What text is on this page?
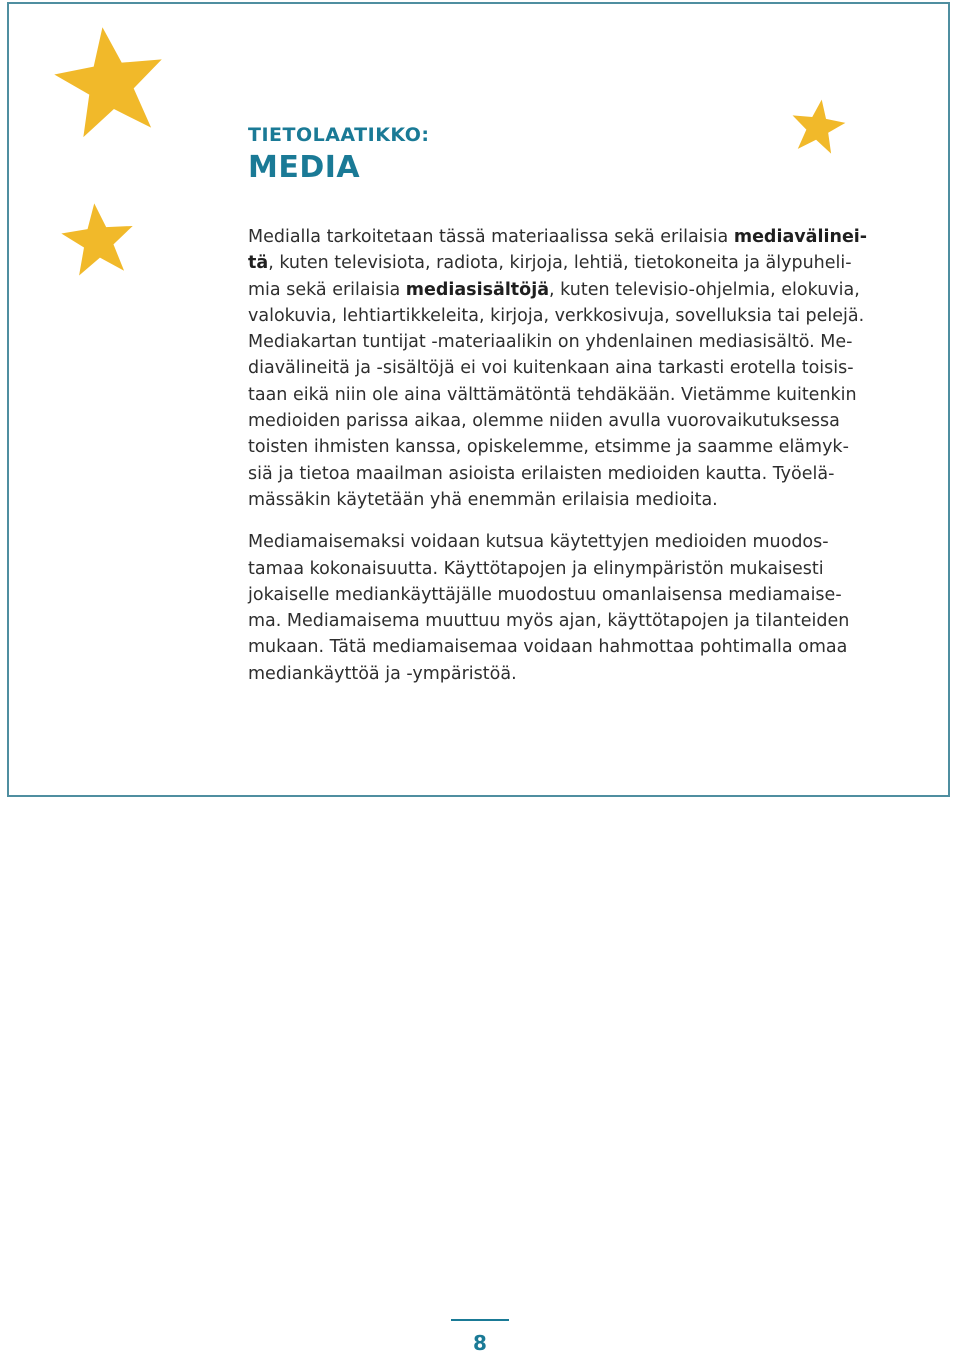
TIETOLAATIKKO:
MEDIA
Medialla tarkoitetaan tässä materiaalissa sekä erilaisia mediavälinei-
tä, kuten televisiota, radiota, kirjoja, lehtiä, tietokoneita ja älypuheli-
mia sekä erilaisia mediasisältöjä, kuten televisio-ohjelmia, elokuvia,
valokuvia, lehtiartikkeleita, kirjoja, verkkosivuja, sovelluksia tai pelejä.
Mediakartan tuntijat -materiaalikin on yhdenlainen mediasisältö. Me-
diavälineitä ja -sisältöjä ei voi kuitenkaan aina tarkasti erotella toisis-
taan eikä niin ole aina välttämätöntä tehdäkään. Vietämme kuitenkin
medioiden parissa aikaa, olemme niiden avulla vuorovaikutuksessa
toisten ihmisten kanssa, opiskelemme, etsimme ja saamme elämyk-
siä ja tietoa maailman asioista erilaisten medioiden kautta. Työelä-
mässäkin käytetään yhä enemmän erilaisia medioita.
Mediamaisemaksi voidaan kutsua käytettyjen medioiden muodos-
tamaa kokonaisuutta. Käyttötapojen ja elinympäristön mukaisesti
jokaiselle mediankäyttäjälle muodostuu omanlaisensa mediamaise-
ma. Mediamaisema muuttuu myös ajan, käyttötapojen ja tilanteiden
mukaan. Tätä mediamaisemaa voidaan hahmottaa pohtimalla omaa
mediankäyttöä ja -ympäristöä.
8
